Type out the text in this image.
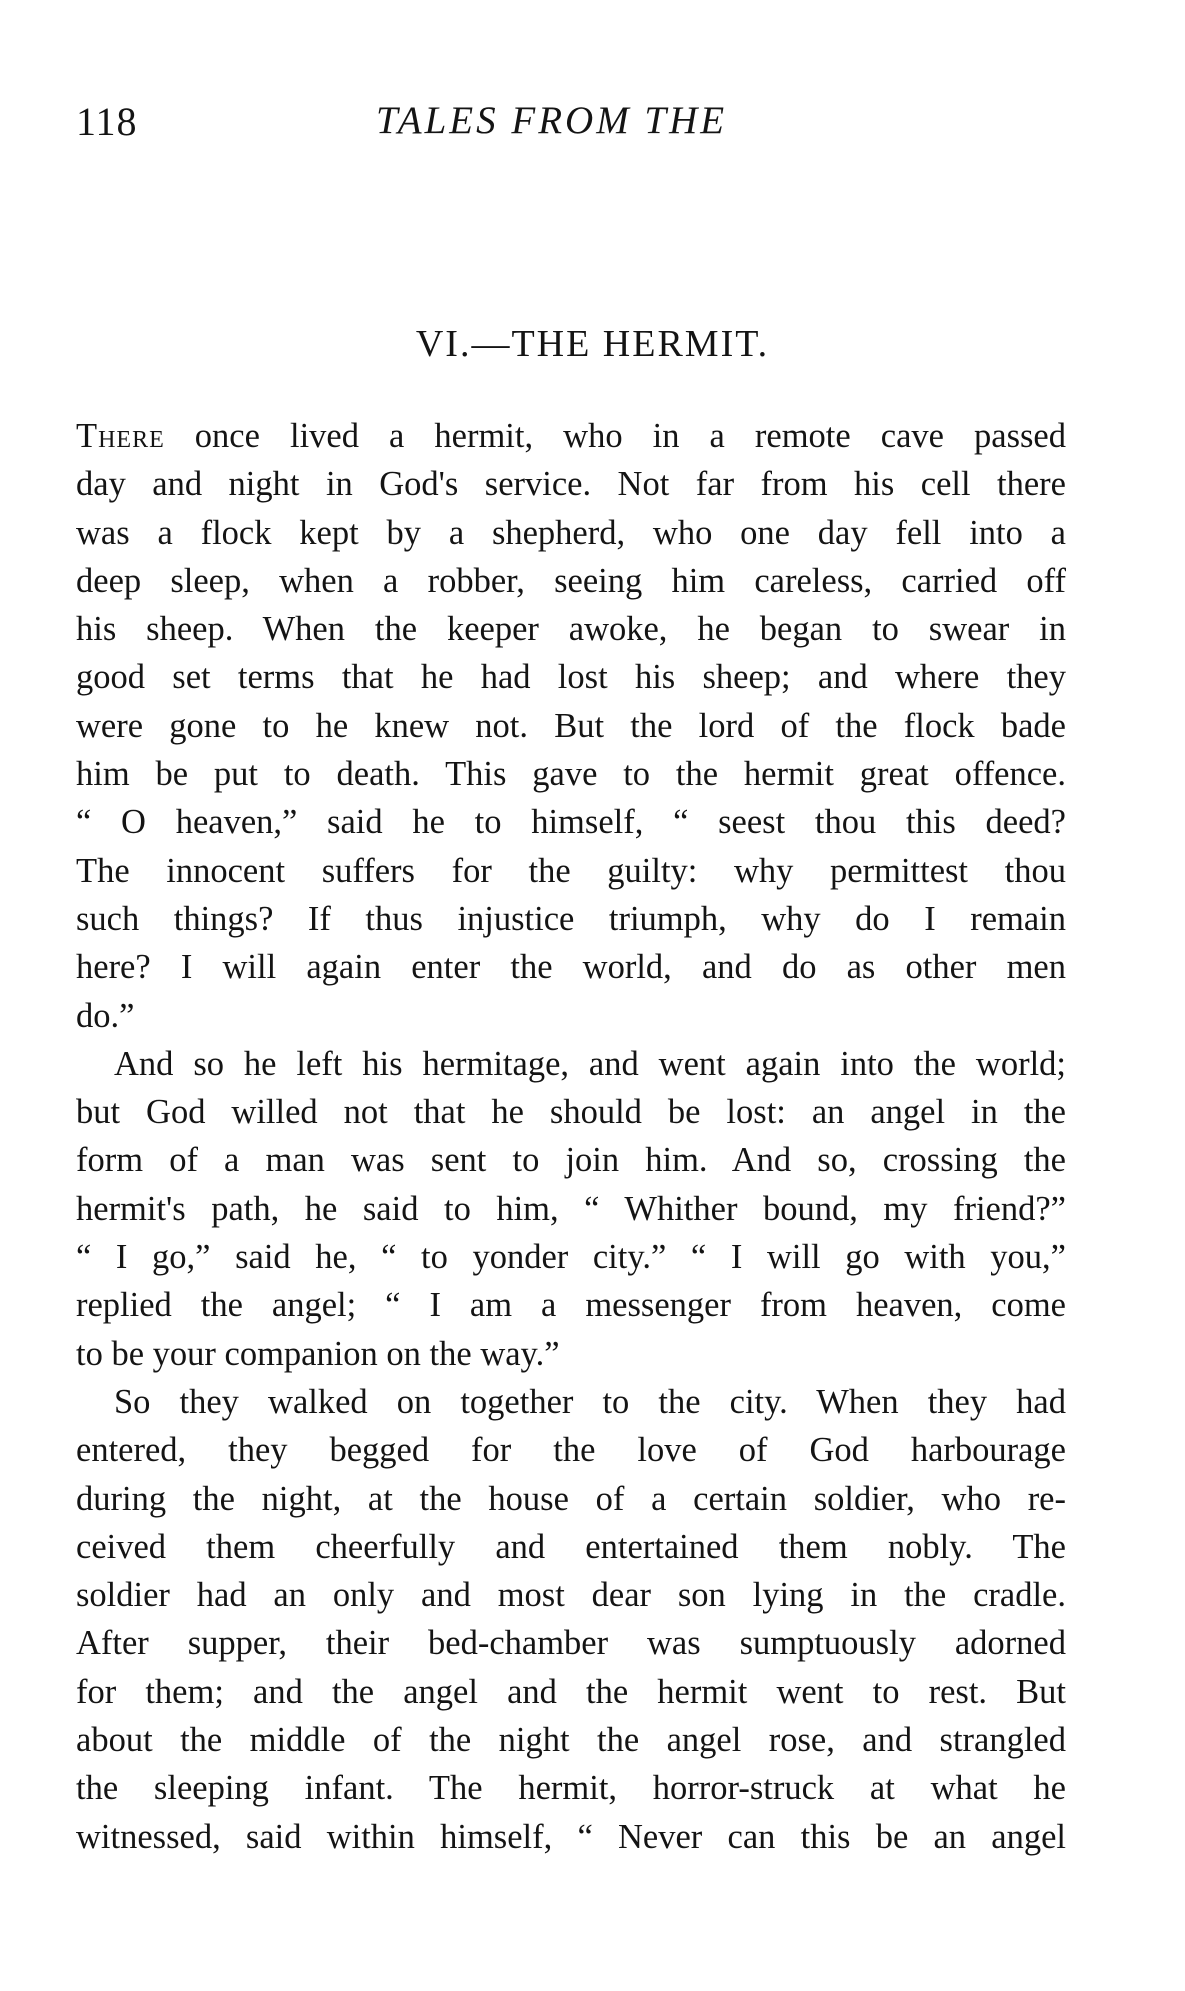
118	TALES FROM THE
VI.—THE HERMIT.
There once lived a hermit, who in a remote cave passed
day and night in God's service. Not far from his cell there
was a flock kept by a shepherd, who one day fell into a
deep sleep, when a robber, seeing him careless, carried off
his sheep. When the keeper awoke, he began to swear in
good set terms that he had lost his sheep; and where they
were gone to he knew not. But the lord of the flock bade
him be put to death. This gave to the hermit great offence.
“ O heaven,” said he to himself, “ seest thou this deed?
The innocent suffers for the guilty: why permittest thou
such things? If thus injustice triumph, why do I remain
here? I will again enter the world, and do as other men
do.”
And so he left his hermitage, and went again into the world;
but God willed not that he should be lost: an angel in the
form of a man was sent to join him. And so, crossing the
hermit's path, he said to him, “ Whither bound, my friend?”
“ I go,” said he, “ to yonder city.” “ I will go with you,”
replied the angel; “ I am a messenger from heaven, come
to be your companion on the way.”
So they walked on together to the city. When they had
entered, they begged for the love of God harbourage
during the night, at the house of a certain soldier, who re-
ceived them cheerfully and entertained them nobly. The
soldier had an only and most dear son lying in the cradle.
After supper, their bed-chamber was sumptuously adorned
for them; and the angel and the hermit went to rest. But
about the middle of the night the angel rose, and strangled
the sleeping infant. The hermit, horror-struck at what he
witnessed, said within himself, “ Never can this be an angel
